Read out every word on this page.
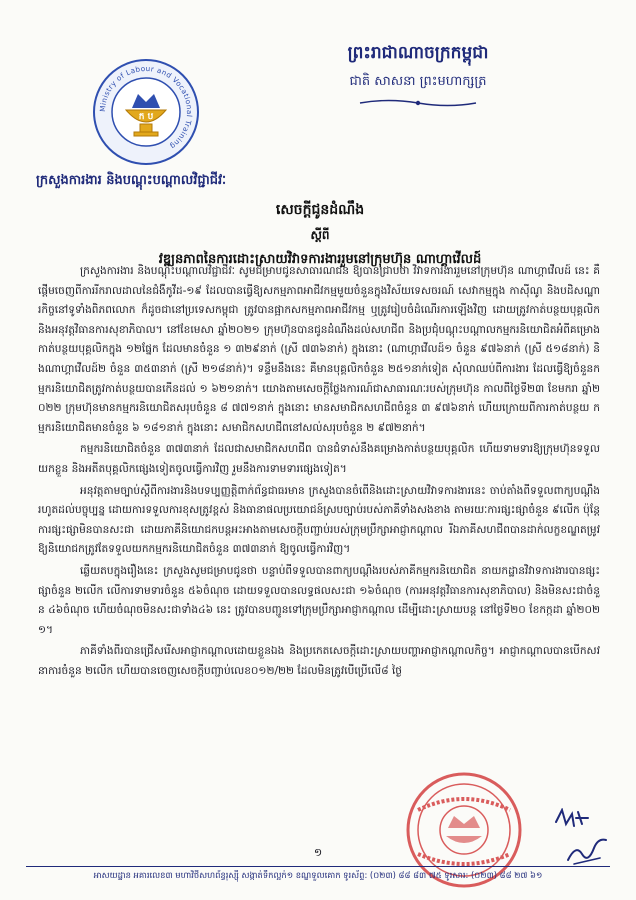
Ministry of Labour and Vocational Training
ក ប
ព្រះរាជាណាចក្រកម្ពុជា
ជាតិ សាសនា ព្រះមហាក្សត្រ
ក្រសួងការងារ និងបណ្តុះបណ្តាលវិជ្ជាជីវៈ
សេចក្តីជូនដំណឹង
ស្តីពី
វឌ្ឍនភាពនៃការដោះស្រាយវិវាទការងាររួមនៅក្រុមហ៊ុន ណាហ្គាវើលដ៍

ក្រសួងការងារ និងបណ្តុះបណ្តាលវិជ្ជាជីវៈ សូមជម្រាបជូនសាធារណជន ឱ្យបានជ្រាបថា វិវាទការងាររួមនៅក្រុមហ៊ុន ណាហ្គាវើលដ៍ នេះ គឺផ្តើមចេញពីការរីករាលដាលនៃជំងឺកូវីដ-១៩ ដែលបានធ្វើឱ្យសកម្មភាពអាជីវកម្មមួយចំនួនក្នុងវិស័យទេសចរណ៍ សេវាកម្មក្នុង កាស៊ីណូ និងបដិសណ្ឋារកិច្ចនៅទូទាំងពិភពលោក ក៏ដូចជានៅប្រទេសកម្ពុជា ត្រូវបានផ្អាកសកម្មភាពអាជីវកម្ម ឬត្រូវរៀបចំដំណើរការឡើងវិញ ដោយត្រូវកាត់បន្ថយបុគ្គលិក និងអនុវត្តវិធានការសុខាភិបាល។ នៅខែមេសា ឆ្នាំ២០២១ ក្រុមហ៊ុនបានជូនដំណឹងដល់សហជីព និងប្រជុំបណ្តុះបណ្តាលកម្មករនិយោជិតអំពីគម្រោងកាត់បន្ថយបុគ្គលិកក្នុង ១២ផ្នែក ដែលមានចំនួន ១ ៣២៩នាក់ (ស្រី ៧៣៦នាក់) ក្នុងនោះ (ណាហ្គាវើលដ៍១ ចំនួន ៩៧៦នាក់ (ស្រី ៥១៨នាក់) និងណាហ្គាវើលដ៍២ ចំនួន ៣៥៣នាក់ (ស្រី ២១៨នាក់)។ ទន្ទឹមនឹងនេះ គឺមានបុគ្គលិកចំនួន ២៥១នាក់ទៀត សុំលាឈប់ពីការងារ ដែលធ្វើឱ្យចំនួនកម្មករនិយោជិតត្រូវកាត់បន្ថយបានកើនដល់ ១ ៦២១នាក់។ យោងតាមសេចក្តីថ្លែងការណ៍ជាសាធារណៈរបស់ក្រុមហ៊ុន កាលពីថ្ងៃទី២៣ ខែមករា ឆ្នាំ២០២២ ក្រុមហ៊ុនមានកម្មករនិយោជិតសរុបចំនួន ៨ ៧៧១នាក់ ក្នុងនោះ មានសមាជិកសហជីពចំនួន ៣ ៩៧៦នាក់ ហើយក្រោយពីការកាត់បន្ថយ កម្មករនិយោជិតមានចំនួន ៦ ១៨១នាក់ ក្នុងនោះ សមាជិកសហជីពនៅសល់សរុបចំនួន ២ ៩៧២នាក់។

កម្មករនិយោជិតចំនួន ៣៧៣នាក់ ដែលជាសមាជិកសហជីព បានជំទាស់នឹងគម្រោងកាត់បន្ថយបុគ្គលិក ហើយទាមទារឱ្យក្រុមហ៊ុនទទួលយកខ្លួន និងអតីតបុគ្គលិកផ្សេងទៀតចូលធ្វើការវិញ រួមនឹងការទាមទារផ្សេងទៀត។

អនុវត្តតាមច្បាប់ស្តីពីការងារនិងបទប្បញ្ញត្តិពាក់ព័ន្ធជាធរមាន ក្រសួងបានចំពើនិងដោះស្រាយវិវាទការងារនេះ ចាប់តាំងពីទទួលពាក្យបណ្តឹងរហូតដល់បច្ចុប្បន្ន ដោយការទទួលការខុសត្រូវខ្ពស់ និងធានាផលប្រយោជន៍ស្របច្បាប់របស់ភាគីទាំងសងខាង តាមរយៈការផ្សះផ្សាចំនួន ៩លើក ប៉ុន្តែការផ្សះផ្សាមិនបានសះជា ដោយភាគីនិយោជកបន្តអះអាងតាមសេចក្តីបញ្ជាប់របស់ក្រុមប្រឹក្សាអាជ្ញាកណ្តាល រីឯភាគីសហជីពបានដាក់លក្ខខណ្ឌតម្រូវឱ្យនិយោជកត្រូវតែទទួលយកកម្មករនិយោជិតចំនួន ៣៧៣នាក់ ឱ្យចូលធ្វើការវិញ។

ឆ្លើយតបក្នុងរឿងនេះ ក្រសួងសូមជម្រាបជូនថា បន្ទាប់ពីទទួលបានពាក្យបណ្តឹងរបស់ភាគីកម្មករនិយោជិត នាយកដ្ឋានវិវាទការងារបានផ្សះផ្សាចំនួន ២លើក លើការទាមទារចំនួន ៥៦ចំណុច ដោយទទួលបានលទ្ធផលសះជា ១៦ចំណុច (ការអនុវត្តវិធានការសុខាភិបាល) និងមិនសះជាចំនួន ៤៦ចំណុច ហើយចំណុចមិនសះជាទាំង៤៦ នេះ ត្រូវបានបញ្ជូនទៅក្រុមប្រឹក្សាអាជ្ញាកណ្តាល ដើម្បីដោះស្រាយបន្ត នៅថ្ងៃទី២០ ខែកក្កដា ឆ្នាំ២០២១។

ភាគីទាំងពីរបានជ្រើសរើសអាជ្ញាកណ្តាលដោយខ្លួនឯង និងប្រកេតសេចក្តីដោះស្រាយបញ្ហាអាជ្ញាកណ្តាលកិច្ច។ អាជ្ញាកណ្តាលបានបើកសវនាការចំនួន ២លើក ហើយបានចេញសេចក្តីបញ្ជាប់លេខ០១២/២២ ដែលមិនត្រូវបើប្រើលើ៨ ថ្ងៃ

១
អាសយដ្ឋាន អគារលេខ៣ មហាវិថីសហព័ន្ធរុស្ស៊ី សង្កាត់ទឹកល្អក់១ ខណ្ឌទួលគោក ទូរស័ព្ទ: (០២៣) ៨៨ ៨៣ ៧៥ ទូរសារ: (០២៣) ៨៨ ២៧ ៦១
